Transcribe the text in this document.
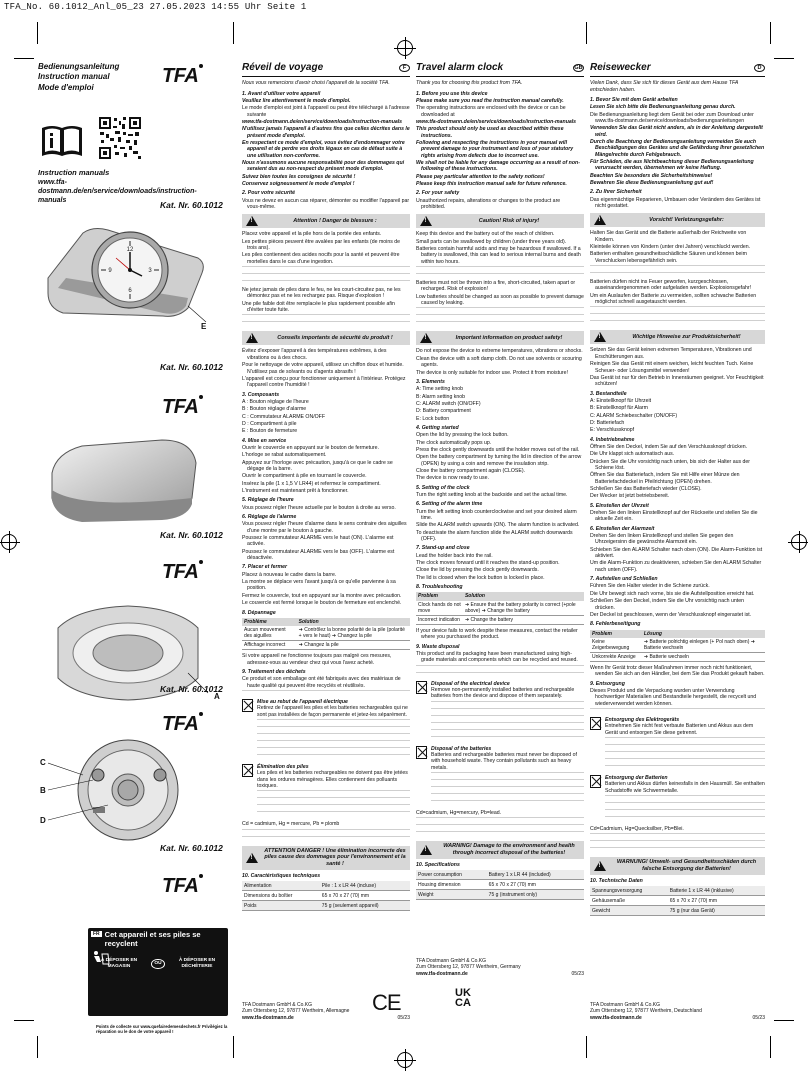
TFA_No. 60.1012_Anl_05_23 27.05.2023 14:55 Uhr Seite 1
Bedienungsanleitung
Instruction manual
Mode d'emploi
TFA
Instruction manuals
www.tfa-dostmann.de/en/service/downloads/instruction-manuals	Kat. Nr. 60.1012
12
3
6
9
E
Kat. Nr. 60.1012
TFA
Kat. Nr. 60.1012
TFA
A
Kat. Nr. 60.1012
TFA
C
B
D
Kat. Nr. 60.1012
TFA
FR Cet appareil et ses piles se recyclent
À DÉPOSER EN MAGASIN
OU
À DÉPOSER EN DÉCHÈTERIE
Points de collecte sur www.quefairedemesdechets.fr Privilégiez la réparation ou le don de votre appareil !
CE	UK CA
Réveil de voyage	F
Nous vous remercions d'avoir choisi l'appareil de la société TFA.
1. Avant d'utiliser votre appareil
Veuillez lire attentivement le mode d'emploi.
Le mode d'emploi est joint à l'appareil ou peut être téléchargé à l'adresse suivante
www.tfa-dostmann.de/en/service/downloads/instruction-manuals
N'utilisez jamais l'appareil à d'autres fins que celles décrites dans le présent mode d'emploi.
En respectant ce mode d'emploi, vous évitez d'endommager votre appareil et de perdre vos droits légaux en cas de défaut suite à une utilisation non-conforme.
Nous n'assumons aucune responsabilité pour des dommages qui seraient dus au non-respect du présent mode d'emploi.
Suivez bien toutes les consignes de sécurité !
Conservez soigneusement le mode d'emploi !
2. Pour votre sécurité
Vous ne devez en aucun cas réparer, démonter ou modifier l'appareil par vous-même.
!
Attention ! Danger de blessure :
Placez votre appareil et la pile hors de la portée des enfants.
Les petites pièces peuvent être avalées par les enfants (de moins de trois ans).
Les piles contiennent des acides nocifs pour la santé et peuvent être mortelles dans le cas d'une ingestion.
Ne jetez jamais de piles dans le feu, ne les court-circuitez pas, ne les démontez pas et ne les rechargez pas. Risque d'explosion !
Une pile faible doit être remplacée le plus rapidement possible afin d'éviter toute fuite.
!
Conseils importants de sécurité du produit !
Évitez d'exposer l'appareil à des températures extrêmes, à des vibrations ou à des chocs.
Pour le nettoyage de votre appareil, utilisez un chiffon doux et humide. N'utilisez pas de solvants ou d'agents abrasifs !
L'appareil est conçu pour fonctionner uniquement à l'intérieur. Protégez l'appareil contre l'humidité !
3. Composants
A : Bouton réglage de l'heure
B : Bouton réglage d'alarme
C : Commutateur ALARME ON/OFF
D : Compartiment à pile
E : Bouton de fermeture
4. Mise en service
Ouvrir le couvercle en appuyant sur le bouton de fermeture.
L'horloge se rabat automatiquement.
Appuyez sur l'horloge avec précaution, jusqu'à ce que le cadre se dégage de la barre.
Ouvrir le compartiment à pile en tournant le couvercle.
Insérez la pile (1 x 1,5 V LR44) et refermez le compartiment.
L'instrument est maintenant prêt à fonctionner.
5. Réglage de l'heure
Vous pouvez régler l'heure actuelle par le bouton à droite au verso.
6. Réglage de l'alarme
Vous pouvez régler l'heure d'alarme dans le sens contraire des aiguilles d'une montre par le bouton à gauche.
Poussez le commutateur ALARME vers le haut (ON). L'alarme est activée.
Poussez le commutateur ALARME vers le bas (OFF). L'alarme est désactivée.
7. Placer et fermer
Placez à nouveau le cadre dans la barre.
La montre se déplace vers l'avant jusqu'à ce qu'elle parvienne à sa position.
Fermez le couvercle, tout en appuyant sur la montre avec précaution.
Le couvercle est fermé lorsque le bouton de fermeture est enclenché.
8. Dépannage
Problème	Solution
Aucun mouvement des aiguilles	➜ Contrôlez la bonne polarité de la pile (polarité + vers le haut) ➜ Changez la pile
Affichage incorrect	➜ Changez la pile
Si votre appareil ne fonctionne toujours pas malgré ces mesures, adressez-vous au vendeur chez qui vous l'avez acheté.
9. Traitement des déchets
Ce produit et son emballage ont été fabriqués avec des matériaux de haute qualité qui peuvent être recyclés et réutilisés.
Mise au rebut de l'appareil électrique
Retirez de l'appareil les piles et les batteries rechargeables qui ne sont pas installées de façon permanente et jetez-les séparément.
Élimination des piles
Les piles et les batteries rechargeables ne doivent pas être jetées dans les ordures ménagères. Elles contiennent des polluants toxiques.
Cd = cadmium, Hg = mercure, Pb = plomb
!
ATTENTION DANGER ! Une élimination incorrecte des piles cause des dommages pour l'environnement et la santé !
10. Caractéristiques techniques
Alimentation	Pile : 1 x LR 44 (incluse)
Dimensions du boîtier	65 x 70 x 27 (70) mm
Poids	75 g (seulement appareil)
TFA Dostmann GmbH & Co.KG
Zum Ottersberg 12, 97877 Wertheim, Allemagne
www.tfa-dostmann.de	05/23
Travel alarm clock	GB
Thank you for choosing this product from TFA.
1. Before you use this device
Please make sure you read the instruction manual carefully.
The operating instructions are enclosed with the device or can be downloaded at
www.tfa-dostmann.de/en/service/downloads/instruction-manuals
This product should only be used as described within these instructions.
Following and respecting the instructions in your manual will prevent damage to your instrument and loss of your statutory rights arising from defects due to incorrect use.
We shall not be liable for any damage occurring as a result of non-following of these instructions.
Please pay particular attention to the safety notices!
Please keep this instruction manual safe for future reference.
2. For your safety
Unauthorized repairs, alterations or changes to the product are prohibited.
!
Caution! Risk of injury!
Keep this device and the battery out of the reach of children.
Small parts can be swallowed by children (under three years old).
Batteries contain harmful acids and may be hazardous if swallowed. If a battery is swallowed, this can lead to serious internal burns and death within two hours.
Batteries must not be thrown into a fire, short-circuited, taken apart or recharged. Risk of explosion!
Low batteries should be changed as soon as possible to prevent damage caused by leaking.
!
Important information on product safety!
Do not expose the device to extreme temperatures, vibrations or shocks.
Clean the device with a soft damp cloth. Do not use solvents or scouring agents.
The device is only suitable for indoor use. Protect it from moisture!
3. Elements
A: Time setting knob
B: Alarm setting knob
C: ALARM switch (ON/OFF)
D: Battery compartment
E: Lock button
4. Getting started
Open the lid by pressing the lock button.
The clock automatically pops up.
Press the clock gently downwards until the holder moves out of the rail.
Open the battery compartment by turning the lid in direction of the arrow (OPEN) by using a coin and remove the insulation strip.
Close the battery compartment again (CLOSE).
The device is now ready to use.
5. Setting of the clock
Turn the right setting knob at the backside and set the actual time.
6. Setting of the alarm time
Turn the left setting knob counterclockwise and set your desired alarm time.
Slide the ALARM switch upwards (ON). The alarm function is activated.
To deactivate the alarm function slide the ALARM switch downwards (OFF).
7. Stand-up and close
Lead the holder back into the rail.
The clock moves forward until it reaches the stand-up position.
Close the lid by pressing the clock gently downwards.
The lid is closed when the lock button is locked in place.
8. Troubleshooting
Problem	Solution
Clock hands do not move	➜ Ensure that the battery polarity is correct (+pole above) ➜ Change the battery
Incorrect indication	➜ Change the battery
If your device fails to work despite these measures, contact the retailer where you purchased the product.
9. Waste disposal
This product and its packaging have been manufactured using high-grade materials and components which can be recycled and reused.
Disposal of the electrical device
Remove non-permanently installed batteries and rechargeable batteries from the device and dispose of them separately.
Disposal of the batteries
Batteries and rechargeable batteries must never be disposed of with household waste. They contain pollutants such as heavy metals.
Cd=cadmium, Hg=mercury, Pb=lead.
!
WARNING! Damage to the environment and health through incorrect disposal of the batteries!
10. Specifications
Power consumption	Battery 1 x LR 44 (included)
Housing dimension	65 x 70 x 27 (70) mm
Weight	75 g (instrument only)
TFA Dostmann GmbH & Co.KG
Zum Ottersberg 12, 97877 Wertheim, Germany
www.tfa-dostmann.de	05/23
Reisewecker	D
Vielen Dank, dass Sie sich für dieses Gerät aus dem Hause TFA entschieden haben.
1. Bevor Sie mit dem Gerät arbeiten
Lesen Sie sich bitte die Bedienungsanleitung genau durch.
Die Bedienungsanleitung liegt dem Gerät bei oder zum Download unter www.tfa-dostmann.de/service/downloads/bedienungsanleitungen
Verwenden Sie das Gerät nicht anders, als in der Anleitung dargestellt wird.
Durch die Beachtung der Bedienungsanleitung vermeiden Sie auch Beschädigungen des Gerätes und die Gefährdung Ihrer gesetzlichen Mängelrechte durch Fehlgebrauch.
Für Schäden, die aus Nichtbeachtung dieser Bedienungsanleitung verursacht werden, übernehmen wir keine Haftung.
Beachten Sie besonders die Sicherheitshinweise!
Bewahren Sie diese Bedienungsanleitung gut auf!
2. Zu Ihrer Sicherheit
Das eigenmächtige Reparieren, Umbauen oder Verändern des Gerätes ist nicht gestattet.
!
Vorsicht! Verletzungsgefahr:
Halten Sie das Gerät und die Batterie außerhalb der Reichweite von Kindern.
Kleinteile können von Kindern (unter drei Jahren) verschluckt werden.
Batterien enthalten gesundheitsschädliche Säuren und können beim Verschlucken lebensgefährlich sein.
Batterien dürfen nicht ins Feuer geworfen, kurzgeschlossen, auseinandergenommen oder aufgeladen werden. Explosionsgefahr!
Um ein Auslaufen der Batterie zu vermeiden, sollten schwache Batterien möglichst schnell ausgetauscht werden.
!
Wichtige Hinweise zur Produktsicherheit!
Setzen Sie das Gerät keinen extremen Temperaturen, Vibrationen und Erschütterungen aus.
Reinigen Sie das Gerät mit einem weichen, leicht feuchten Tuch. Keine Scheuer- oder Lösungsmittel verwenden!
Das Gerät ist nur für den Betrieb in Innenräumen geeignet. Vor Feuchtigkeit schützen!
3. Bestandteile
A: Einstellknopf für Uhrzeit
B: Einstellknopf für Alarm
C: ALARM Schiebeschalter (ON/OFF)
D: Batteriefach
E: Verschlussknopf
4. Inbetriebnahme
Öffnen Sie den Deckel, indem Sie auf den Verschlussknopf drücken.
Die Uhr klappt sich automatisch aus.
Drücken Sie die Uhr vorsichtig nach unten, bis sich der Halter aus der Schiene löst.
Öffnen Sie das Batteriefach, indem Sie mit Hilfe einer Münze den Batteriefachdeckel in Pfeilrichtung (OPEN) drehen.
Schließen Sie das Batteriefach wieder (CLOSE).
Der Wecker ist jetzt betriebsbereit.
5. Einstellen der Uhrzeit
Drehen Sie den linken Einstellknopf auf der Rückseite und stellen Sie die aktuelle Zeit ein.
6. Einstellen der Alarmzeit
Drehen Sie den linken Einstellknopf und stellen Sie gegen den Uhrzeigersinn die gewünschte Alarmzeit ein.
Schieben Sie den ALARM Schalter nach oben (ON). Die Alarm-Funktion ist aktiviert.
Um die Alarm-Funktion zu deaktivieren, schieben Sie den ALARM Schalter nach unten (OFF).
7. Aufstellen und Schließen
Führen Sie den Halter wieder in die Schiene zurück.
Die Uhr bewegt sich nach vorne, bis sie die Aufstellposition erreicht hat.
Schließen Sie den Deckel, indem Sie die Uhr vorsichtig nach unten drücken.
Der Deckel ist geschlossen, wenn der Verschlussknopf eingerastet ist.
8. Fehlerbeseitigung
Problem	Lösung
Keine Zeigerbewegung	➜ Batterie polrichtig einlegen (+ Pol nach oben) ➜ Batterie wechseln
Unkorrekte Anzeige	➜ Batterie wechseln
Wenn Ihr Gerät trotz dieser Maßnahmen immer noch nicht funktioniert, wenden Sie sich an den Händler, bei dem Sie das Produkt gekauft haben.
9. Entsorgung
Dieses Produkt und die Verpackung wurden unter Verwendung hochwertiger Materialien und Bestandteile hergestellt, die recycelt und wiederverwendet werden können.
Entsorgung des Elektrogeräts
Entnehmen Sie nicht fest verbaute Batterien und Akkus aus dem Gerät und entsorgen Sie diese getrennt.
Entsorgung der Batterien
Batterien und Akkus dürfen keinesfalls in den Hausmüll. Sie enthalten Schadstoffe wie Schwermetalle.
Cd=Cadmium, Hg=Quecksilber, Pb=Blei.
!
WARNUNG! Umwelt- und Gesundheitsschäden durch falsche Entsorgung der Batterien!
10. Technische Daten
Spannungsversorgung	Batterie 1 x LR 44 (inklusive)
Gehäusemaße	65 x 70 x 27 (70) mm
Gewicht	75 g (nur das Gerät)
TFA Dostmann GmbH & Co.KG
Zum Ottersberg 12, 97877 Wertheim, Deutschland
www.tfa-dostmann.de	05/23
